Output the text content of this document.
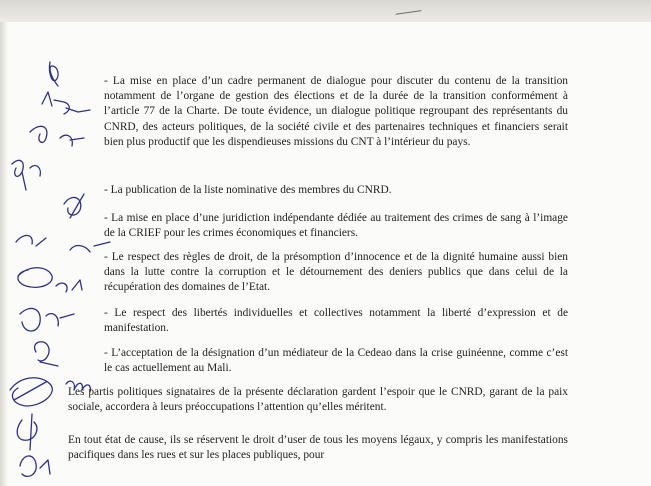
- La mise en place d’un cadre permanent de dialogue pour discuter du contenu de la transition notamment de l’organe de gestion des élections et de la durée de la transition conformément à l’article 77 de la Charte. De toute évidence, un dialogue politique regroupant des représentants du CNRD, des acteurs politiques, de la société civile et des partenaires techniques et financiers serait bien plus productif que les dispendieuses missions du CNT à l’intérieur du pays.
- La publication de la liste nominative des membres du CNRD.
- La mise en place d’une juridiction indépendante dédiée au traitement des crimes de sang à l’image de la CRIEF pour les crimes économiques et financiers.
- Le respect des règles de droit, de la présomption d’innocence et de la dignité humaine aussi bien dans la lutte contre la corruption et le détournement des deniers publics que dans celui de la récupération des domaines de l’Etat.
- Le respect des libertés individuelles et collectives notamment la liberté d’expression et de manifestation.
- L’acceptation de la désignation d’un médiateur de la Cedeao dans la crise guinéenne, comme c’est le cas actuellement au Mali.
Les partis politiques signataires de la présente déclaration gardent l’espoir que le CNRD, garant de la paix sociale, accordera à leurs préoccupations l’attention qu’elles méritent.
En tout état de cause, ils se réservent le droit d’user de tous les moyens légaux, y compris les manifestations pacifiques dans les rues et sur les places publiques, pour
